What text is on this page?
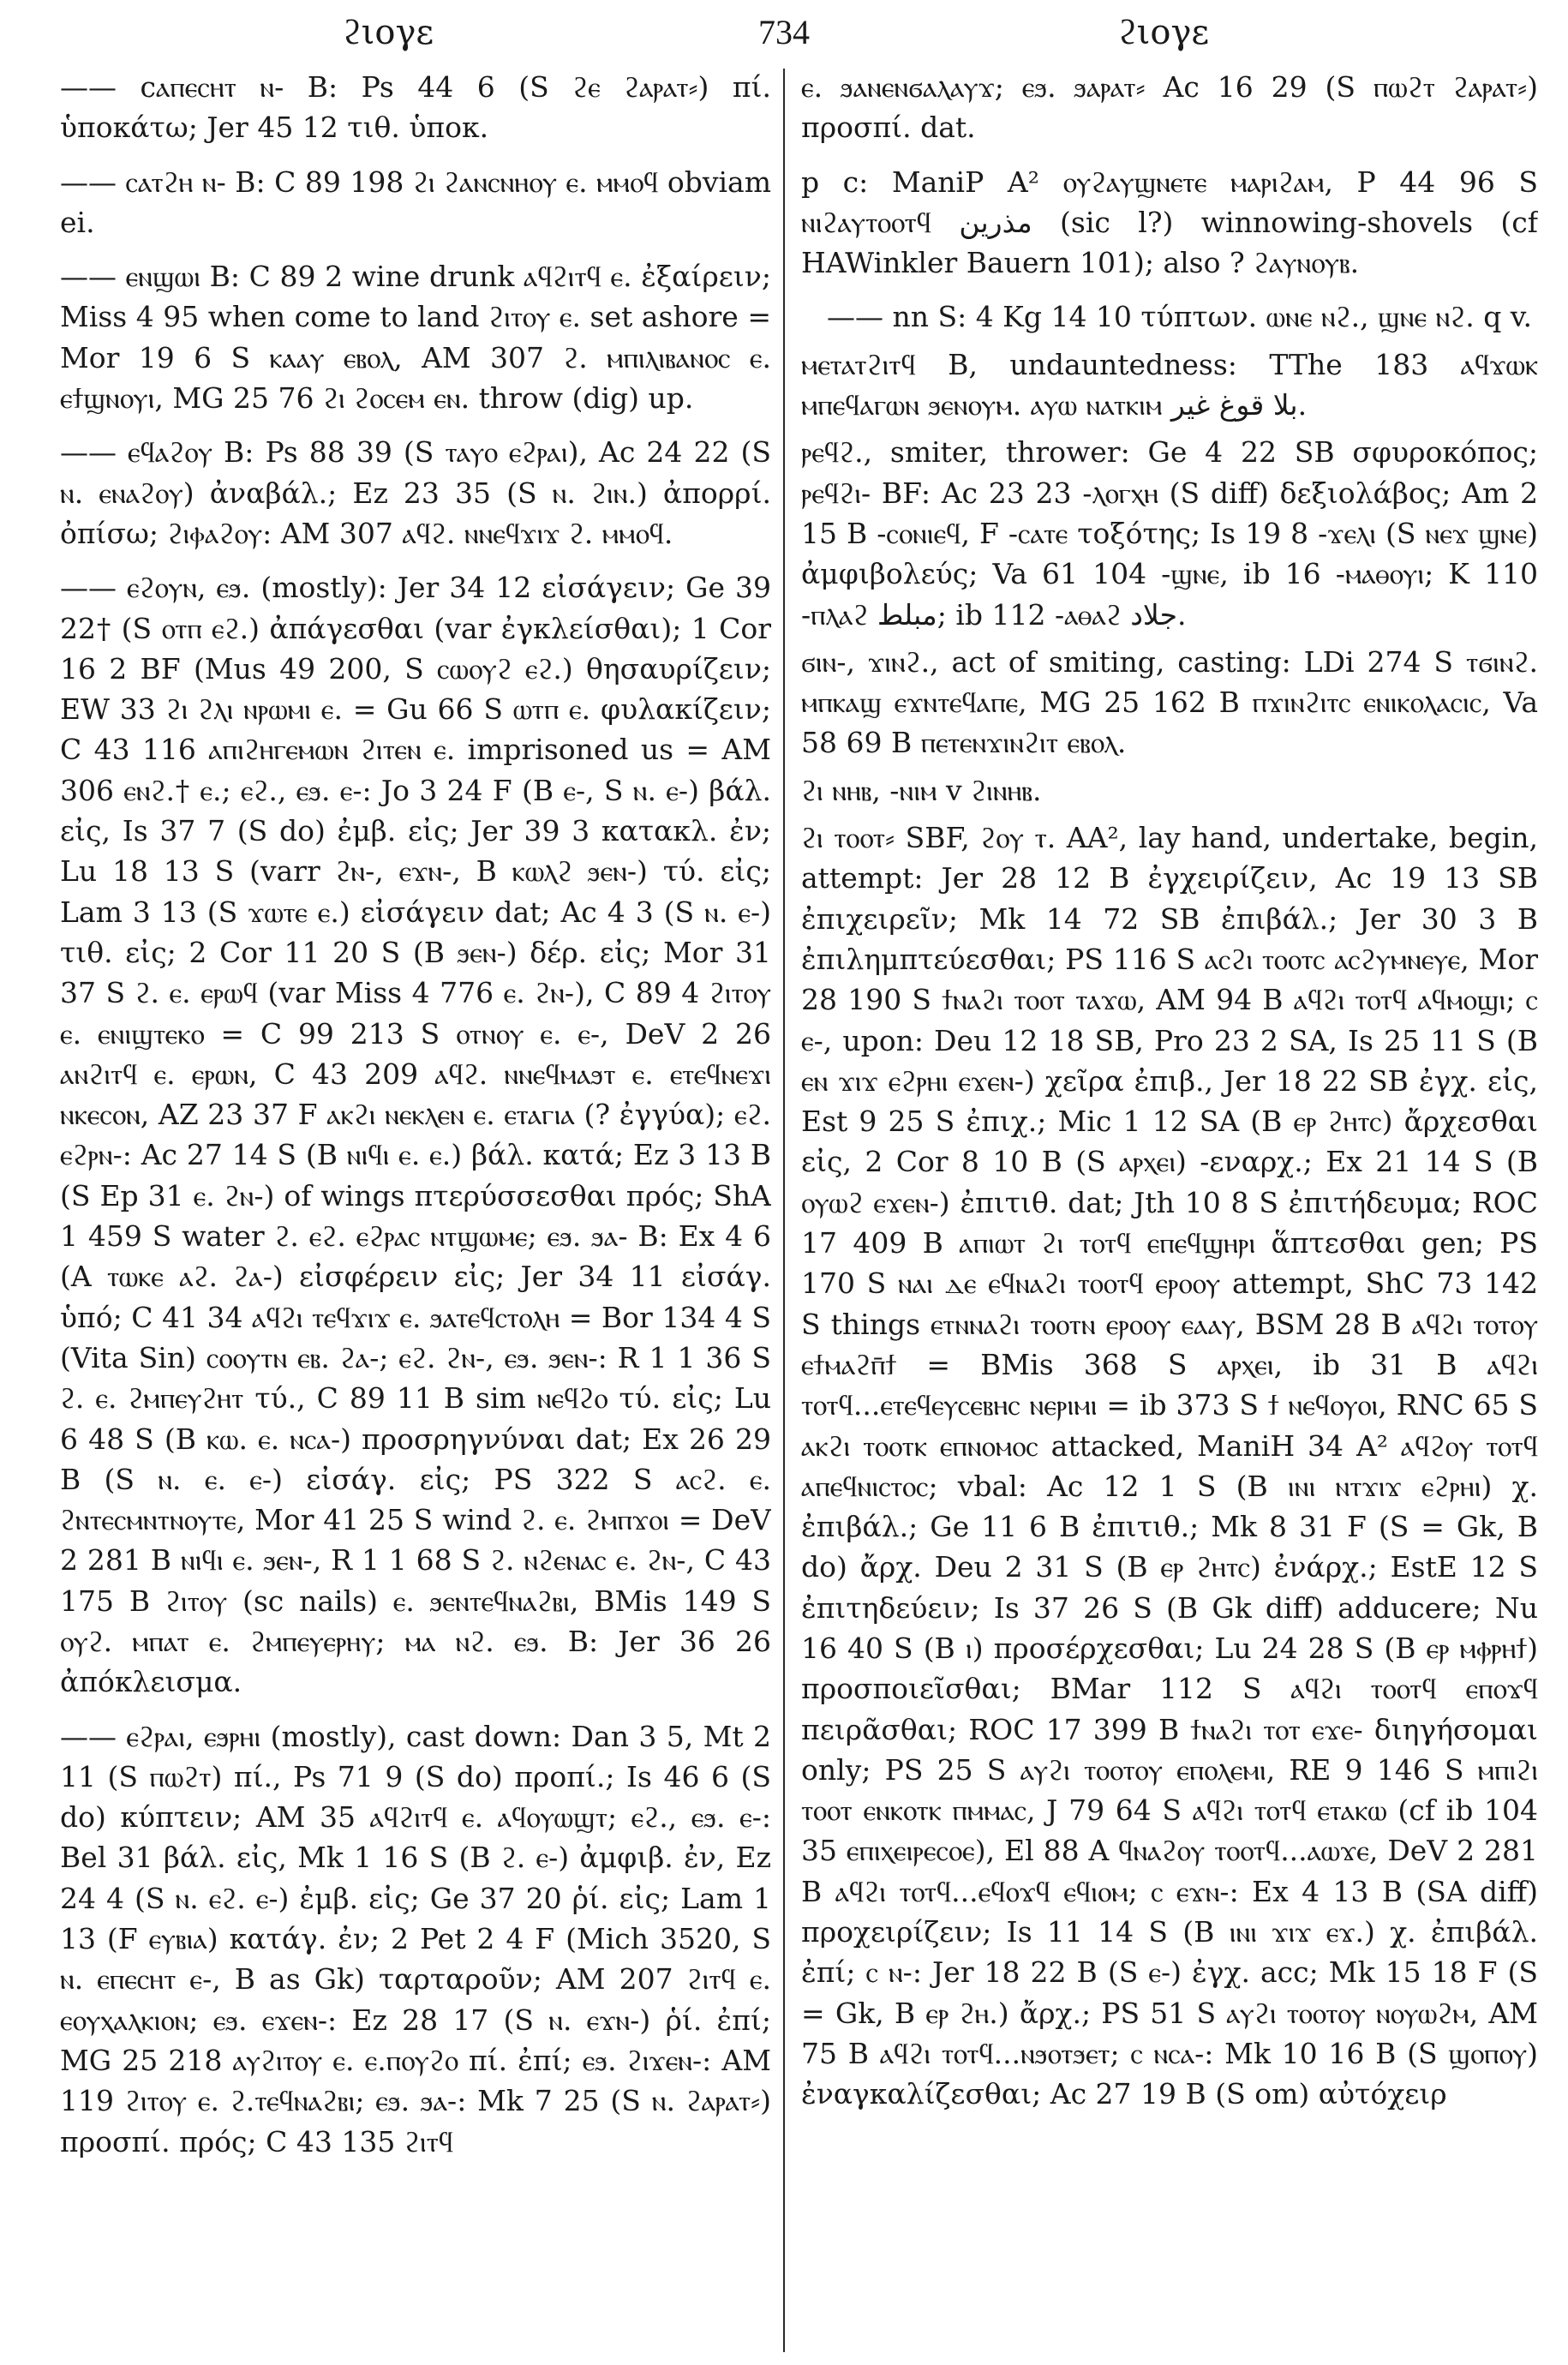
ϩιογε	734	ϩιογε

—— ϲⲁⲡⲉⲥⲏⲧ ⲛ- B: Ps 44 6 (S ϩⲉ ϩⲁⲣⲁⲧ⸗) πί. ὑποκάτω; Jer 45 12 τιθ. ὑποκ.

—— ⲥⲁⲧϩⲏ ⲛ- B: C 89 198 ϩⲓ ϩⲁⲛⲥⲛⲏⲟⲩ ⲉ. ⲙⲙⲟϥ obviam ei.

—— ⲉⲛϣⲱⲓ B: C 89 2 wine drunk ⲁϥϩⲓⲧϥ ⲉ. ἐξαίρειν; Miss 4 95 when come to land ϩⲓⲧⲟⲩ ⲉ. set ashore = Mor 19 6 S ⲕⲁⲁⲩ ⲉⲃⲟⲗ, AM 307 ϩ. ⲙⲡⲓⲗⲓⲃⲁⲛⲟⲥ ⲉ. ⲉϯϣⲛⲟⲩⲓ, MG 25 76 ϩⲓ ϩⲟⲥⲉⲙ ⲉⲛ. throw (dig) up.

—— ⲉϥⲁϩⲟⲩ B: Ps 88 39 (S ⲧⲁⲩⲟ ⲉϩⲣⲁⲓ), Ac 24 22 (S ⲛ. ⲉⲛⲁϩⲟⲩ) ἀναβάλ.; Ez 23 35 (S ⲛ. ϩⲓⲛ.) ἀπορρί. ὀπίσω; ϩⲓⲫⲁϩⲟⲩ: AM 307 ⲁϥϩ. ⲛⲛⲉϥϫⲓϫ ϩ. ⲙⲙⲟϥ.

—— ⲉϩⲟⲩⲛ, ⲉϧ. (mostly): Jer 34 12 εἰσάγειν; Ge 39 22† (S ⲟⲧⲡ ⲉϩ.) ἀπάγεσθαι (var ἐγκλείσθαι); 1 Cor 16 2 BF (Mus 49 200, S ⲥⲱⲟⲩϩ ⲉϩ.) θησαυρίζειν; EW 33 ϩⲓ ϩⲗⲓ ⲛⲣⲱⲙⲓ ⲉ. = Gu 66 S ⲱⲧⲡ ⲉ. φυλακίζειν; C 43 116 ⲁⲡⲓϩⲏⲅⲉⲙⲱⲛ ϩⲓⲧⲉⲛ ⲉ. imprisoned us = AM 306 ⲉⲛϩ.† ⲉ.; ⲉϩ., ⲉϧ. ⲉ-: Jo 3 24 F (B ⲉ-, S ⲛ. ⲉ-) βάλ. εἰς, Is 37 7 (S do) ἐμβ. εἰς; Jer 39 3 κατακλ. ἐν; Lu 18 13 S (varr ϩⲛ-, ⲉϫⲛ-, B ⲕⲱⲗϩ ϧⲉⲛ-) τύ. εἰς; Lam 3 13 (S ϫⲱⲧⲉ ⲉ.) εἰσάγειν dat; Ac 4 3 (S ⲛ. ⲉ-) τιθ. εἰς; 2 Cor 11 20 S (B ϧⲉⲛ-) δέρ. εἰς; Mor 31 37 S ϩ. ⲉ. ⲉⲣⲱϥ (var Miss 4 776 ⲉ. ϩⲛ-), C 89 4 ϩⲓⲧⲟⲩ ⲉ. ⲉⲛⲓϣⲧⲉⲕⲟ = C 99 213 S ⲟⲧⲛⲟⲩ ⲉ. ⲉ-, DeV 2 26 ⲁⲛϩⲓⲧϥ ⲉ. ⲉⲣⲱⲛ, C 43 209 ⲁϥϩ. ⲛⲛⲉϥⲙⲁϧⲧ ⲉ. ⲉⲧⲉϥⲛⲉϫⲓ ⲛⲕⲉⲥⲟⲛ, AZ 23 37 F ⲁⲕϩⲓ ⲛⲉⲕⲗⲉⲛ ⲉ. ⲉⲧⲁⲅⲓⲁ (? ἐγγύα); ⲉϩ. ⲉϩⲣⲛ-: Ac 27 14 S (B ⲛⲓϥⲓ ⲉ. ⲉ.) βάλ. κατά; Ez 3 13 B (S Ep 31 ⲉ. ϩⲛ-) of wings πτερύσσεσθαι πρός; ShA 1 459 S water ϩ. ⲉϩ. ⲉϩⲣⲁⲥ ⲛⲧϣⲱⲙⲉ; ⲉϧ. ϧⲁ- B: Ex 4 6 (A ⲧⲱⲕⲉ ⲁϩ. ϩⲁ-) εἰσφέρειν εἰς; Jer 34 11 εἰσάγ. ὑπό; C 41 34 ⲁϥϩⲓ ⲧⲉϥϫⲓϫ ⲉ. ϧⲁⲧⲉϥⲥⲧⲟⲗⲏ = Bor 134 4 S (Vita Sin) ⲥⲟⲟⲩⲧⲛ ⲉⲃ. ϩⲁ-; ⲉϩ. ϩⲛ-, ⲉϧ. ϧⲉⲛ-: R 1 1 36 S ϩ. ⲉ. ϩⲙⲡⲉⲩϩⲏⲧ τύ., C 89 11 B sim ⲛⲉϥϩⲟ τύ. εἰς; Lu 6 48 S (B ⲕⲱ. ⲉ. ⲛⲥⲁ-) προσρηγνύναι dat; Ex 26 29 B (S ⲛ. ⲉ. ⲉ-) εἰσάγ. εἰς; PS 322 S ⲁⲥϩ. ⲉ. ϩⲛⲧⲉⲥⲙⲛⲧⲛⲟⲩⲧⲉ, Mor 41 25 S wind ϩ. ⲉ. ϩⲙⲡϫⲟⲓ = DeV 2 281 B ⲛⲓϥⲓ ⲉ. ϧⲉⲛ-, R 1 1 68 S ϩ. ⲛϩⲉⲛⲁⲥ ⲉ. ϩⲛ-, C 43 175 B ϩⲓⲧⲟⲩ (sc nails) ⲉ. ϧⲉⲛⲧⲉϥⲛⲁϩⲃⲓ, BMis 149 S ⲟⲩϩ. ⲙⲡⲁⲧ ⲉ. ϩⲙⲡⲉⲩⲉⲣⲏⲩ; ⲙⲁ ⲛϩ. ⲉϧ. B: Jer 36 26 ἀπόκλεισμα.

—— ⲉϩⲣⲁⲓ, ⲉϧⲣⲏⲓ (mostly), cast down: Dan 3 5, Mt 2 11 (S ⲡⲱϩⲧ) πί., Ps 71 9 (S do) προπί.; Is 46 6 (S do) κύπτειν; AM 35 ⲁϥϩⲓⲧϥ ⲉ. ⲁϥⲟⲩⲱϣⲧ; ⲉϩ., ⲉϧ. ⲉ-: Bel 31 βάλ. εἰς, Mk 1 16 S (B ϩ. ⲉ-) ἀμφιβ. ἐν, Ez 24 4 (S ⲛ. ⲉϩ. ⲉ-) ἐμβ. εἰς; Ge 37 20 ῥί. εἰς; Lam 1 13 (F ⲉⲩⲃⲓⲁ) κατάγ. ἐν; 2 Pet 2 4 F (Mich 3520, S ⲛ. ⲉⲡⲉⲥⲏⲧ ⲉ-, B as Gk) ταρταροῦν; AM 207 ϩⲓⲧϥ ⲉ. ⲉⲟⲩⲭⲁⲗⲕⲓⲟⲛ; ⲉϧ. ⲉϫⲉⲛ-: Ez 28 17 (S ⲛ. ⲉϫⲛ-) ῥί. ἐπί; MG 25 218 ⲁⲩϩⲓⲧⲟⲩ ⲉ. ⲉ.ⲡⲟⲩϩⲟ πί. ἐπί; ⲉϧ. ϩⲓϫⲉⲛ-: AM 119 ϩⲓⲧⲟⲩ ⲉ. ϩ.ⲧⲉϥⲛⲁϩⲃⲓ; ⲉϧ. ϧⲁ-: Mk 7 25 (S ⲛ. ϩⲁⲣⲁⲧ⸗) προσπί. πρός; C 43 135 ϩⲓⲧϥ

ⲉ. ϧⲁⲛⲉⲛϭⲁⲗⲁⲩϫ; ⲉϧ. ϧⲁⲣⲁⲧ⸗ Ac 16 29 (S ⲡⲱϩⲧ ϩⲁⲣⲁⲧ⸗) προσπί. dat.

p c: ManiP A² ⲟⲩϩⲁⲩϣⲛⲉⲧⲉ ⲙⲁⲣⲓϩⲁⲙ, P 44 96 S ⲛⲓϩⲁⲩⲧⲟⲟⲧϥ مذرين (sic l?) winnowing-shovels (cf HAWinkler Bauern 101); also ? ϩⲁⲩⲛⲟⲩⲃ.

—— nn S: 4 Kg 14 10 τύπτων. ⲱⲛⲉ ⲛϩ., ϣⲛⲉ ⲛϩ. q v.

ⲙⲉⲧⲁⲧϩⲓⲧϥ B, undauntedness: TThe 183 ⲁϥϫⲱⲕ ⲙⲡⲉϥⲁⲅⲱⲛ ϧⲉⲛⲟⲩⲙ. ⲁⲩⲱ ⲛⲁⲧⲕⲓⲙ بلا قوغ غير.

ⲣⲉϥϩ., smiter, thrower: Ge 4 22 SB σφυροκόπος; ⲣⲉϥϩⲓ- BF: Ac 23 23 -ⲗⲟⲅⲭⲏ (S diff) δεξιολάβος; Am 2 15 B -ⲥⲟⲛⲓⲉϥ, F -ⲥⲁⲧⲉ τοξότης; Is 19 8 -ϫⲉⲗⲓ (S ⲛⲉϫ ϣⲛⲉ) ἀμφιβολεύς; Va 61 104 -ϣⲛⲉ, ib 16 -ⲙⲁⲑⲟⲩⲓ; K 110 -ⲡⲗⲁϩ مبلط; ib 112 -ⲁⲑⲁϩ جلاد.

ϭⲓⲛ-, ϫⲓⲛϩ., act of smiting, casting: LDi 274 S ⲧϭⲓⲛϩ. ⲙⲡⲕⲁϣ ⲉϫⲛⲧⲉϥⲁⲡⲉ, MG 25 162 B ⲡϫⲓⲛϩⲓⲧⲥ ⲉⲛⲓⲕⲟⲗⲁⲥⲓⲥ, Va 58 69 B ⲡⲉⲧⲉⲛϫⲓⲛϩⲓⲧ ⲉⲃⲟⲗ.

ϩⲓ ⲛⲏⲃ, -ⲛⲓⲙ v ϩⲓⲛⲏⲃ.

ϩⲓ ⲧⲟⲟⲧ⸗ SBF, ϩⲟⲩ ⲧ. AA², lay hand, undertake, begin, attempt: Jer 28 12 B ἐγχειρίζειν, Ac 19 13 SB ἐπιχειρεῖν; Mk 14 72 SB ἐπιβάλ.; Jer 30 3 B ἐπιλημπτεύεσθαι; PS 116 S ⲁⲥϩⲓ ⲧⲟⲟⲧⲥ ⲁⲥϩⲩⲙⲛⲉⲩⲉ, Mor 28 190 S ϯⲛⲁϩⲓ ⲧⲟⲟⲧ ⲧⲁϫⲱ, AM 94 B ⲁϥϩⲓ ⲧⲟⲧϥ ⲁϥⲙⲟϣⲓ; ⲥ ⲉ-, upon: Deu 12 18 SB, Pro 23 2 SA, Is 25 11 S (B ⲉⲛ ϫⲓϫ ⲉϩⲣⲏⲓ ⲉϫⲉⲛ-) χεῖρα ἐπιβ., Jer 18 22 SB ἐγχ. εἰς, Est 9 25 S ἐπιχ.; Mic 1 12 SA (B ⲉⲣ ϩⲏⲧⲥ) ἄρχεσθαι εἰς, 2 Cor 8 10 B (S ⲁⲣⲭⲉⲓ) -εναρχ.; Ex 21 14 S (B ⲟⲩⲱϩ ⲉϫⲉⲛ-) ἐπιτιθ. dat; Jth 10 8 S ἐπιτήδευμα; ROC 17 409 B ⲁⲡⲓⲱⲧ ϩⲓ ⲧⲟⲧϥ ⲉⲡⲉϥϣⲏⲣⲓ ἅπτεσθαι gen; PS 170 S ⲛⲁⲓ ⲇⲉ ⲉϥⲛⲁϩⲓ ⲧⲟⲟⲧϥ ⲉⲣⲟⲟⲩ attempt, ShC 73 142 S things ⲉⲧⲛⲛⲁϩⲓ ⲧⲟⲟⲧⲛ ⲉⲣⲟⲟⲩ ⲉⲁⲁⲩ, BSM 28 B ⲁϥϩⲓ ⲧⲟⲧⲟⲩ ⲉϯⲙⲁϩⲡ̄ϯ = BMis 368 S ⲁⲣⲭⲉⲓ, ib 31 B ⲁϥϩⲓ ⲧⲟⲧϥ...ⲉⲧⲉϥⲉⲩⲥⲉⲃⲏⲥ ⲛⲉⲣⲓⲙⲓ = ib 373 S ϯ ⲛⲉϥⲟⲩⲟⲓ, RNC 65 S ⲁⲕϩⲓ ⲧⲟⲟⲧⲕ ⲉⲡⲛⲟⲙⲟⲥ attacked, ManiH 34 A² ⲁϥϩⲟⲩ ⲧⲟⲧϥ ⲁⲡⲉϥⲛⲓⲥⲧⲟⲥ; vbal: Ac 12 1 S (B ⲓⲛⲓ ⲛⲧϫⲓϫ ⲉϩⲣⲏⲓ) χ. ἐπιβάλ.; Ge 11 6 B ἐπιτιθ.; Mk 8 31 F (S = Gk, B do) ἄρχ. Deu 2 31 S (B ⲉⲣ ϩⲏⲧⲥ) ἐνάρχ.; EstE 12 S ἐπιτηδεύειν; Is 37 26 S (B Gk diff) adducere; Nu 16 40 S (B ⲓ) προσέρχεσθαι; Lu 24 28 S (B ⲉⲣ ⲙⲫⲣⲏϯ) προσποιεῖσθαι; BMar 112 S ⲁϥϩⲓ ⲧⲟⲟⲧϥ ⲉⲡⲟϫϥ πειρᾶσθαι; ROC 17 399 B ϯⲛⲁϩⲓ ⲧⲟⲧ ⲉϫⲉ- διηγήσομαι only; PS 25 S ⲁⲩϩⲓ ⲧⲟⲟⲧⲟⲩ ⲉⲡⲟⲗⲉⲙⲓ, RE 9 146 S ⲙⲡⲓϩⲓ ⲧⲟⲟⲧ ⲉⲛⲕⲟⲧⲕ ⲡⲙⲙⲁⲥ, J 79 64 S ⲁϥϩⲓ ⲧⲟⲧϥ ⲉⲧⲁⲕⲱ (cf ib 104 35 ⲉⲡⲓⲭⲉⲓⲣⲉⲥⲟⲉ), El 88 A ϥⲛⲁϩⲟⲩ ⲧⲟⲟⲧϥ...ⲁⲱϫⲉ, DeV 2 281 B ⲁϥϩⲓ ⲧⲟⲧϥ...ⲉϥⲟϫϥ ⲉϥⲓⲟⲙ; ⲥ ⲉϫⲛ-: Ex 4 13 B (SA diff) προχειρίζειν; Is 11 14 S (B ⲓⲛⲓ ϫⲓϫ ⲉϫ.) χ. ἐπιβάλ. ἐπί; ⲥ ⲛ-: Jer 18 22 B (S ⲉ-) ἐγχ. acc; Mk 15 18 F (S = Gk, B ⲉⲣ ϩⲏ.) ἄρχ.; PS 51 S ⲁⲩϩⲓ ⲧⲟⲟⲧⲟⲩ ⲛⲟⲩⲱϩⲙ, AM 75 B ⲁϥϩⲓ ⲧⲟⲧϥ...ⲛϧⲟⲧϧⲉⲧ; ⲥ ⲛⲥⲁ-: Mk 10 16 B (S ϣⲟⲡⲟⲩ) ἐναγκαλίζεσθαι; Ac 27 19 B (S om) αὐτόχειρ
